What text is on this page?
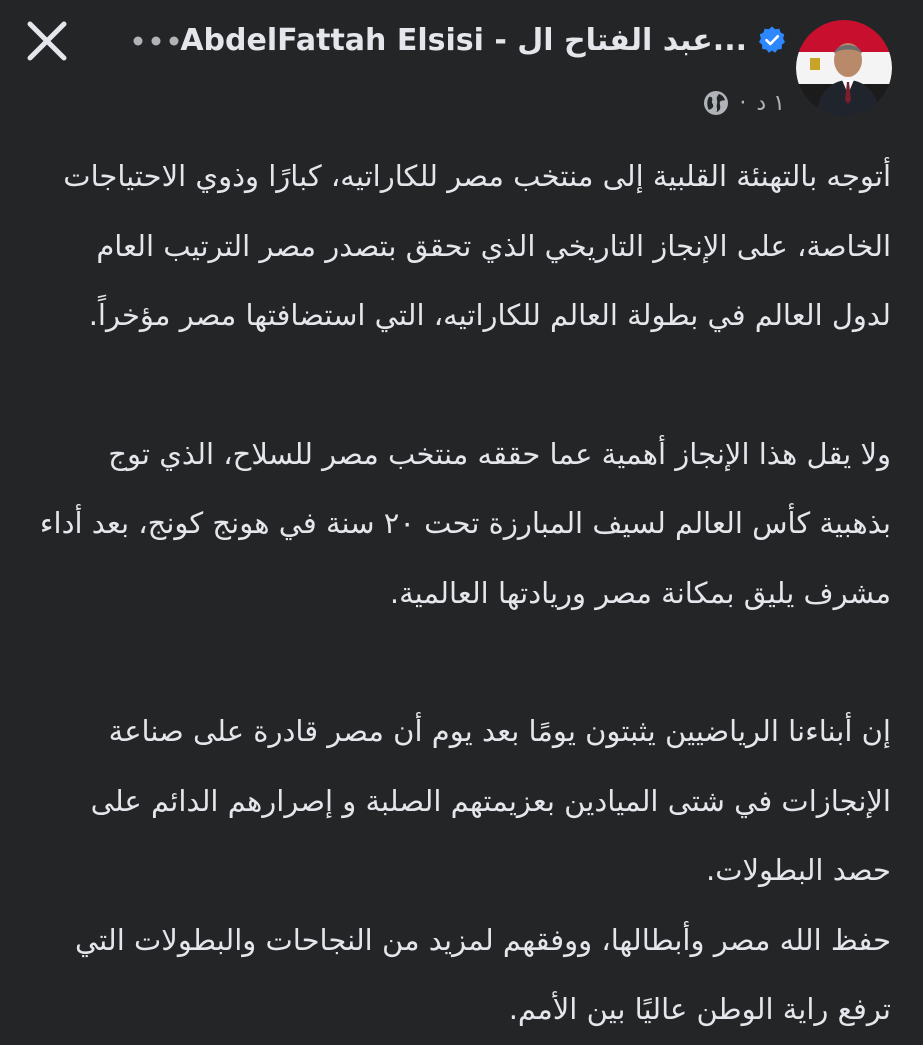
AbdelFattah Elsisi - عبد الفتاح ال...
· ١ د

أتوجه بالتهنئة القلبية إلى منتخب مصر للكاراتيه، كبارًا وذوي الاحتياجات الخاصة، على الإنجاز التاريخي الذي تحقق بتصدر مصر الترتيب العام لدول العالم في بطولة العالم للكاراتيه، التي استضافتها مصر مؤخراً.

ولا يقل هذا الإنجاز أهمية عما حققه منتخب مصر للسلاح، الذي توج بذهبية كأس العالم لسيف المبارزة تحت ٢٠ سنة في هونج كونج، بعد أداء مشرف يليق بمكانة مصر وريادتها العالمية.

إن أبناءنا الرياضيين يثبتون يومًا بعد يوم أن مصر قادرة على صناعة الإنجازات في شتى الميادين بعزيمتهم الصلبة و إصرارهم الدائم على حصد البطولات.

حفظ الله مصر وأبطالها، ووفقهم لمزيد من النجاحات والبطولات التي ترفع راية الوطن عاليًا بين الأمم.
